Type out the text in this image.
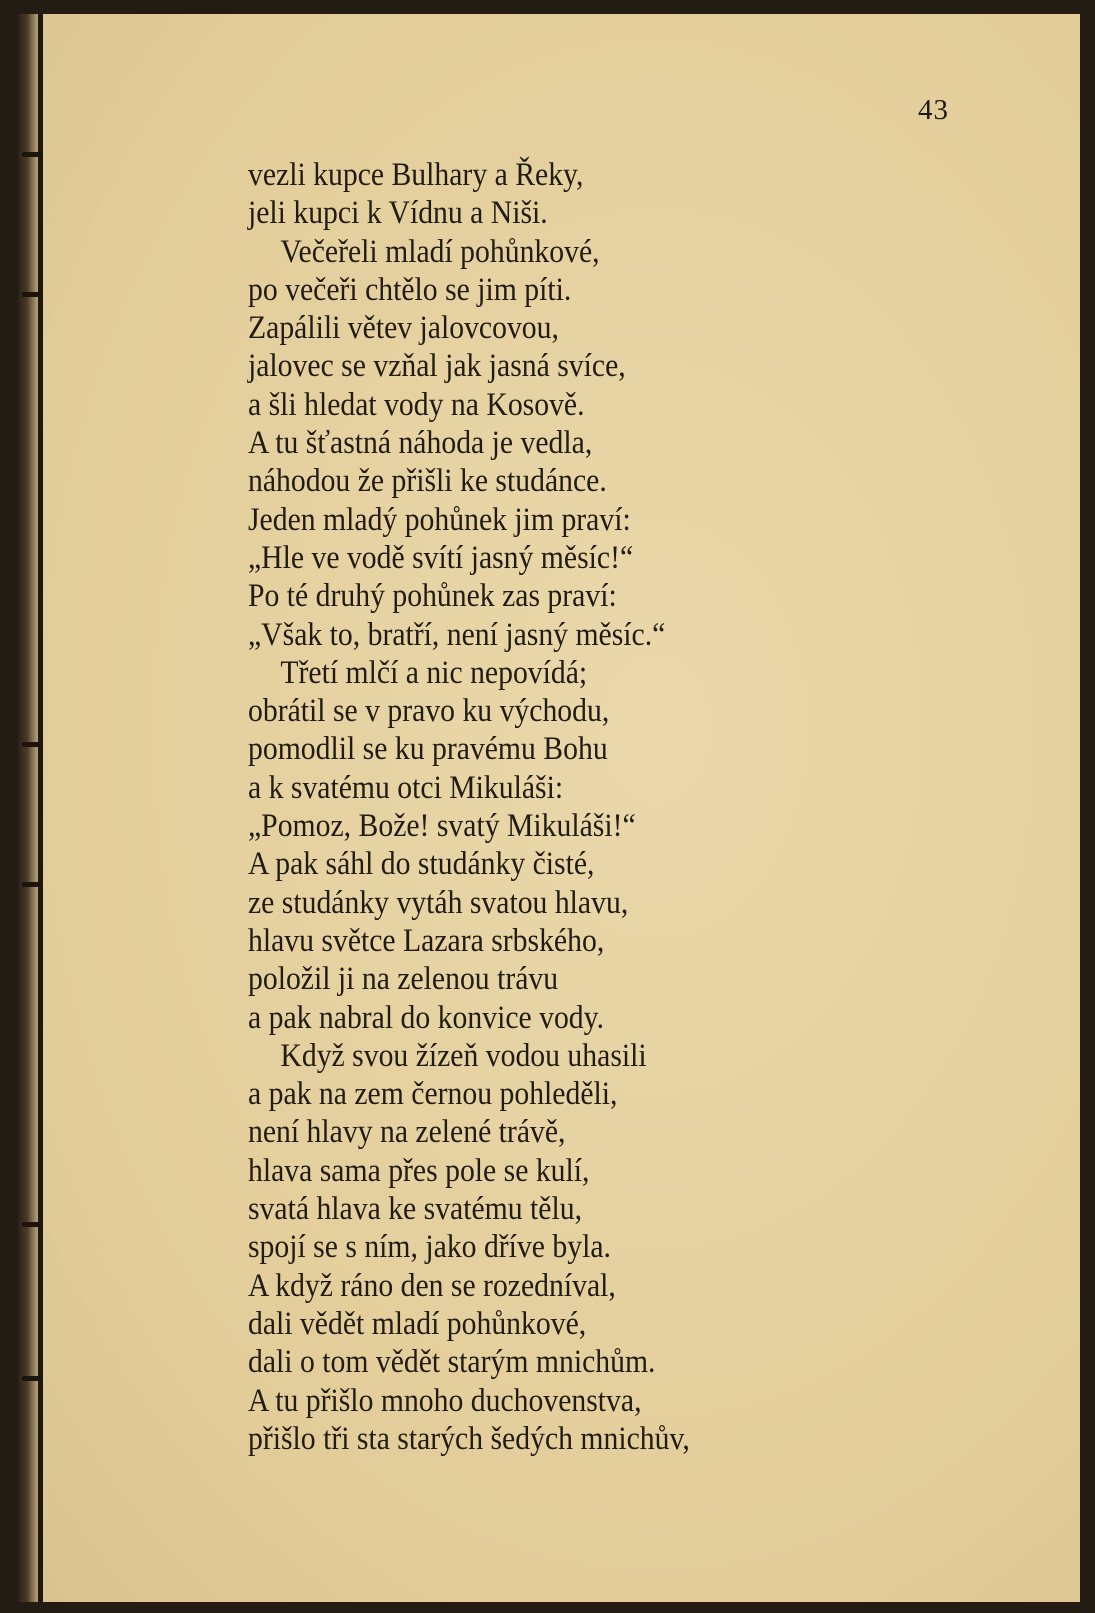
43
vezli kupce Bulhary a Řeky,
jeli kupci k Vídnu a Niši.
Večeřeli mladí pohůnkové,
po večeři chtělo se jim píti.
Zapálili větev jalovcovou,
jalovec se vzňal jak jasná svíce,
a šli hledat vody na Kosově.
A tu šťastná náhoda je vedla,
náhodou že přišli ke studánce.
Jeden mladý pohůnek jim praví:
„Hle ve vodě svítí jasný měsíc!“
Po té druhý pohůnek zas praví:
„Však to, bratří, není jasný měsíc.“
Třetí mlčí a nic nepovídá;
obrátil se v pravo ku východu,
pomodlil se ku pravému Bohu
a k svatému otci Mikuláši:
„Pomoz, Bože! svatý Mikuláši!“
A pak sáhl do studánky čisté,
ze studánky vytáh svatou hlavu,
hlavu světce Lazara srbského,
položil ji na zelenou trávu
a pak nabral do konvice vody.
Když svou žízeň vodou uhasili
a pak na zem černou pohleděli,
není hlavy na zelené trávě,
hlava sama přes pole se kulí,
svatá hlava ke svatému tělu,
spojí se s ním, jako dříve byla.
A když ráno den se rozedníval,
dali vědět mladí pohůnkové,
dali o tom vědět starým mnichům.
A tu přišlo mnoho duchovenstva,
přišlo tři sta starých šedých mnichův,
